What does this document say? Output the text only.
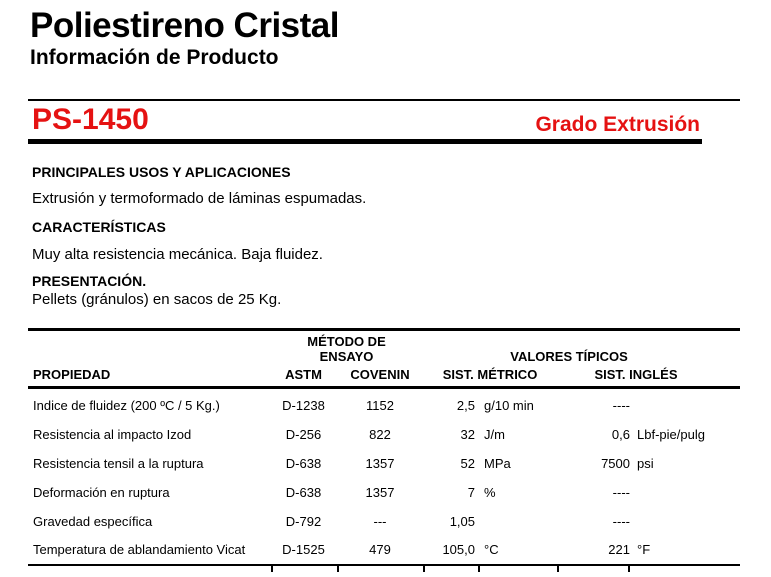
Poliestireno Cristal
Información de Producto
PS-1450	Grado Extrusión
PRINCIPALES USOS Y APLICACIONES
Extrusión y termoformado de láminas espumadas.
CARACTERÍSTICAS
Muy alta resistencia mecánica. Baja fluidez.
PRESENTACIÓN.
Pellets (gránulos) en sacos de 25 Kg.
MÉTODO DE
ENSAYO	VALORES TÍPICOS
PROPIEDAD	ASTM	COVENIN	SIST. MÉTRICO	SIST. INGLÉS
Indice de fluidez (200 ºC / 5 Kg.)	D-1238	1152	2,5 g/10 min	----
Resistencia al impacto Izod	D-256	822	32 J/m	0,6 Lbf-pie/pulg
Resistencia tensil a la ruptura	D-638	1357	52 MPa	7500 psi
Deformación en ruptura	D-638	1357	7 %	----
Gravedad específica	D-792	---	1,05	----
Temperatura de ablandamiento Vicat	D-1525	479	105,0 °C	221 °F
